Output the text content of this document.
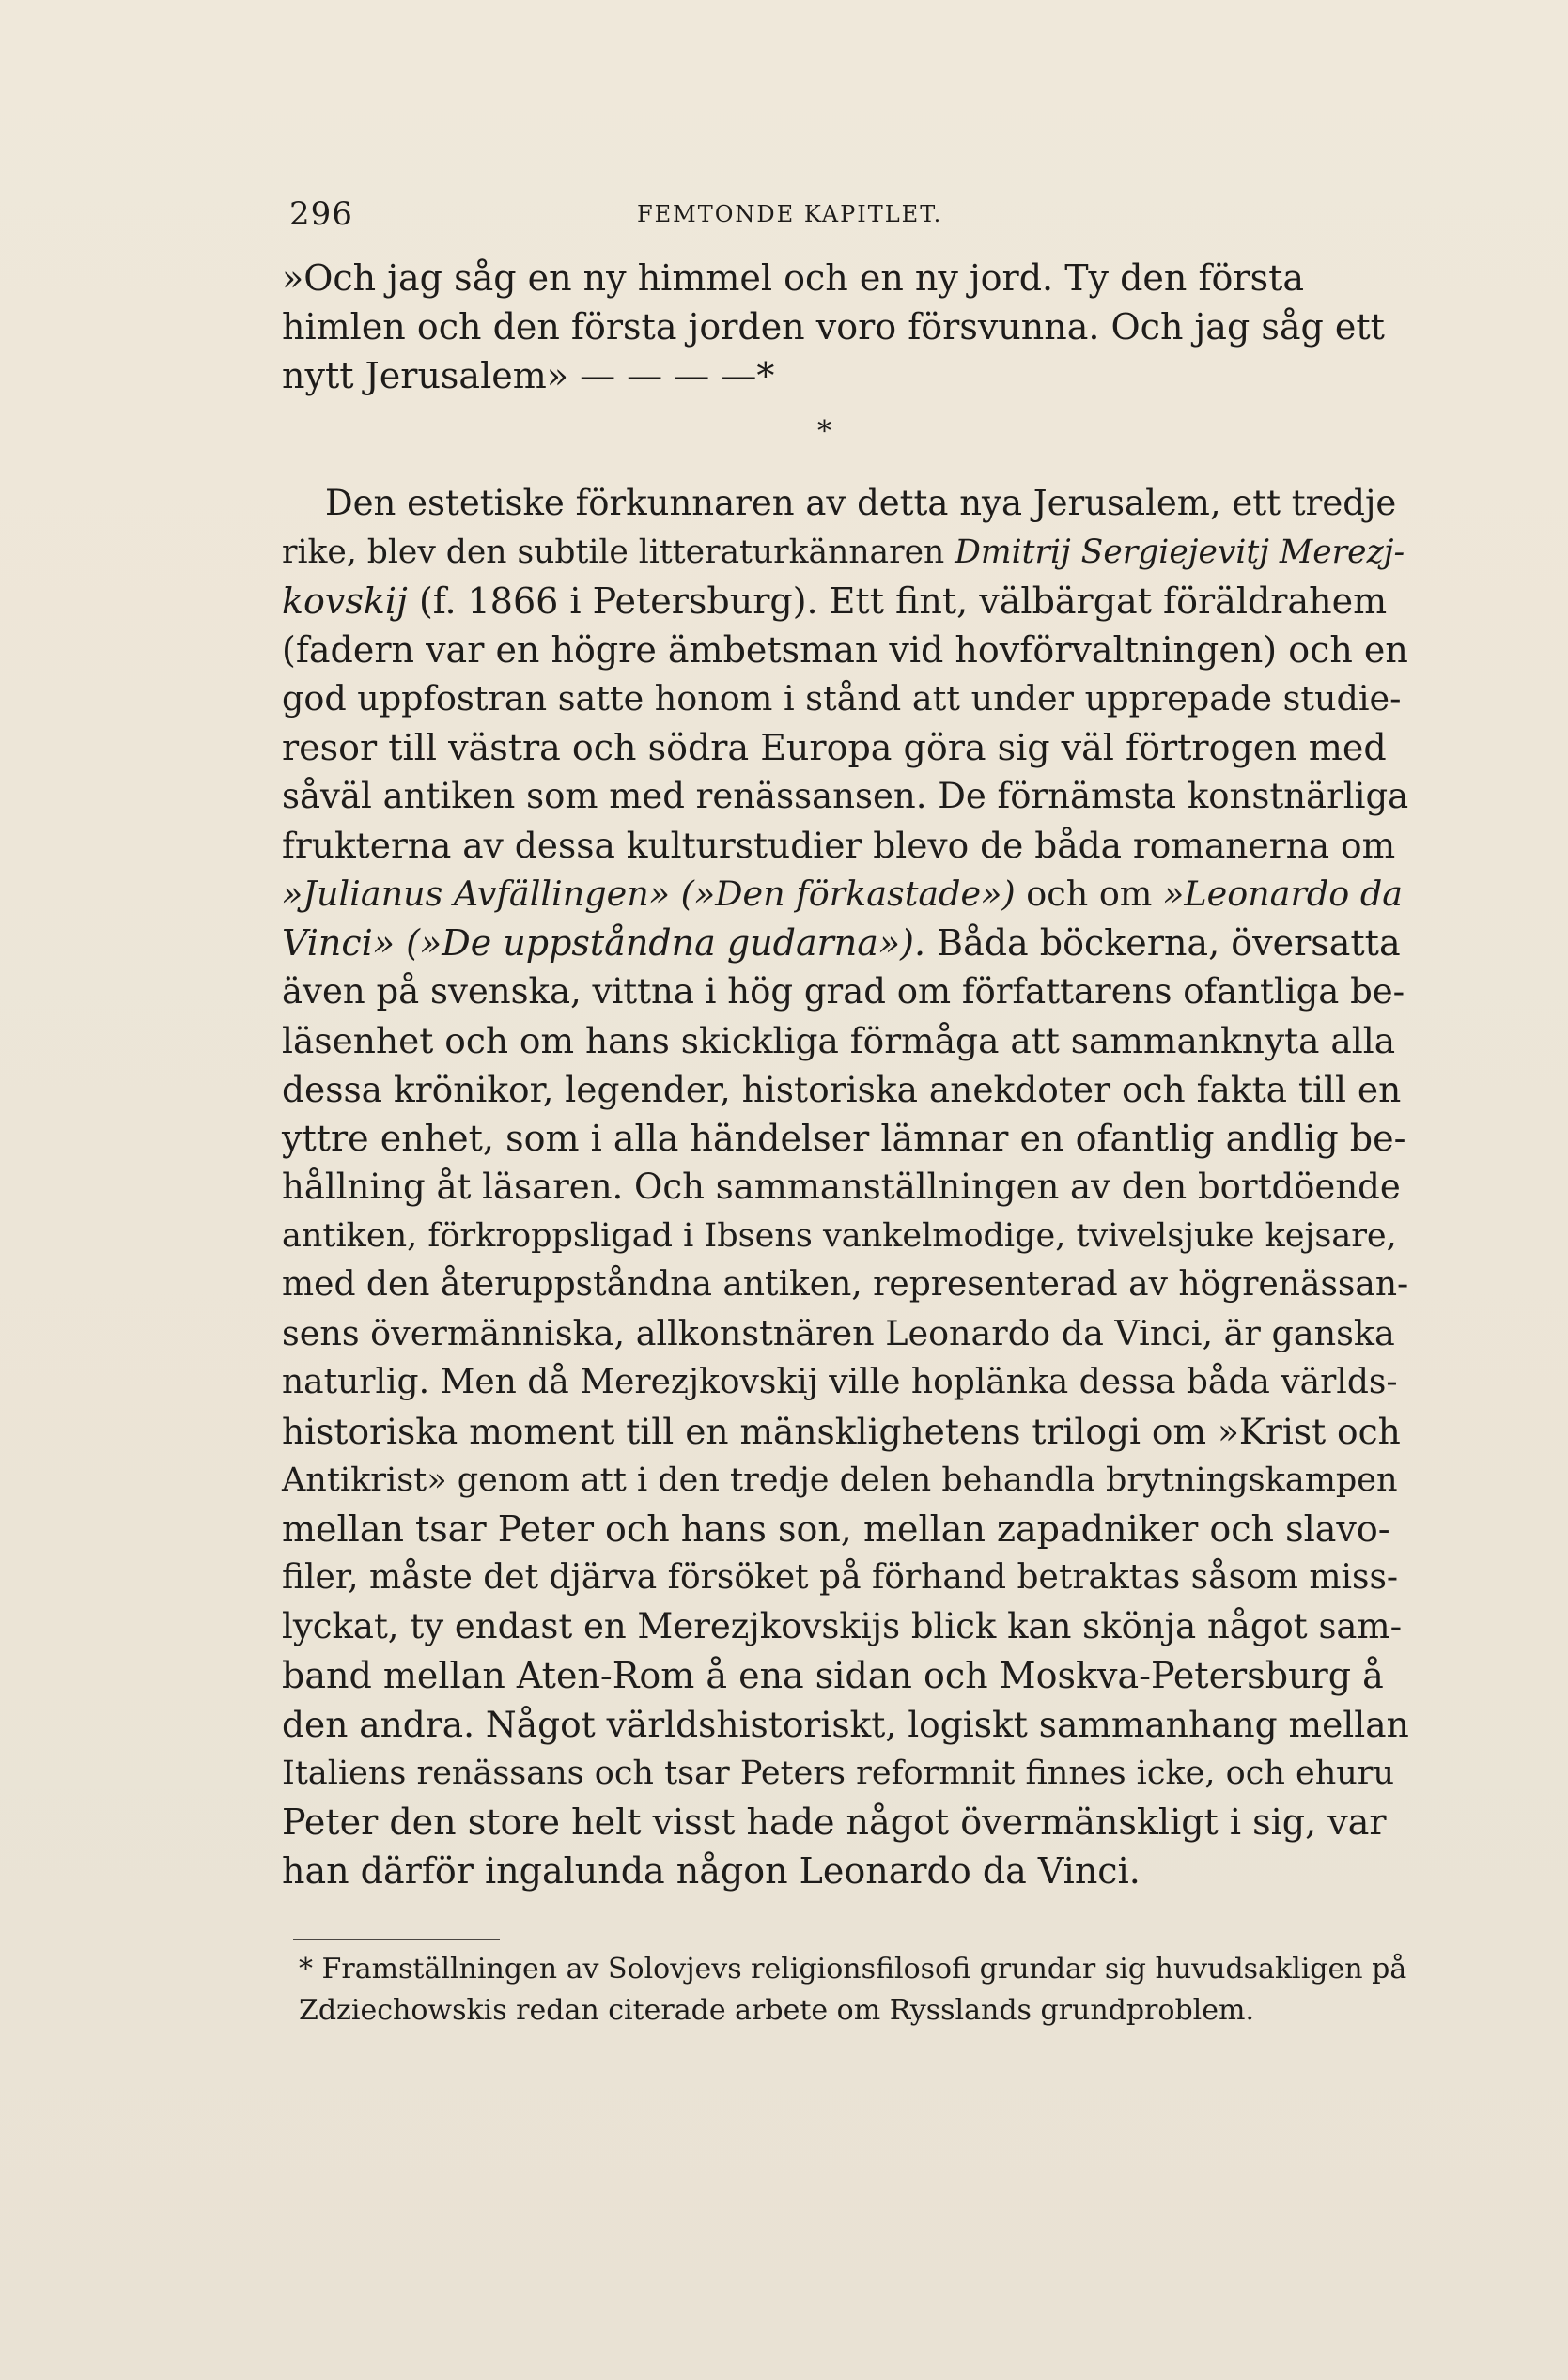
296	FEMTONDE KAPITLET.
»Och jag såg en ny himmel och en ny jord. Ty den första
himlen och den första jorden voro försvunna. Och jag såg ett
nytt Jerusalem» — — — —*
*
Den estetiske förkunnaren av detta nya Jerusalem, ett tredje
rike, blev den subtile litteraturkännaren Dmitrij Sergiejevitj Merezj-
kovskij (f. 1866 i Petersburg). Ett fint, välbärgat föräldrahem
(fadern var en högre ämbetsman vid hovförvaltningen) och en
god uppfostran satte honom i stånd att under upprepade studie-
resor till västra och södra Europa göra sig väl förtrogen med
såväl antiken som med renässansen. De förnämsta konstnärliga
frukterna av dessa kulturstudier blevo de båda romanerna om
»Julianus Avfällingen» (»Den förkastade») och om »Leonardo da
Vinci» (»De uppståndna gudarna»). Båda böckerna, översatta
även på svenska, vittna i hög grad om författarens ofantliga be-
läsenhet och om hans skickliga förmåga att sammanknyta alla
dessa krönikor, legender, historiska anekdoter och fakta till en
yttre enhet, som i alla händelser lämnar en ofantlig andlig be-
hållning åt läsaren. Och sammanställningen av den bortdöende
antiken, förkroppsligad i Ibsens vankelmodige, tvivelsjuke kejsare,
med den återuppståndna antiken, representerad av högrenässan-
sens övermänniska, allkonstnären Leonardo da Vinci, är ganska
naturlig. Men då Merezjkovskij ville hoplänka dessa båda världs-
historiska moment till en mänsklighetens trilogi om »Krist och
Antikrist» genom att i den tredje delen behandla brytningskampen
mellan tsar Peter och hans son, mellan zapadniker och slavo-
filer, måste det djärva försöket på förhand betraktas såsom miss-
lyckat, ty endast en Merezjkovskijs blick kan skönja något sam-
band mellan Aten-Rom å ena sidan och Moskva-Petersburg å
den andra. Något världshistoriskt, logiskt sammanhang mellan
Italiens renässans och tsar Peters reformnit finnes icke, och ehuru
Peter den store helt visst hade något övermänskligt i sig, var
han därför ingalunda någon Leonardo da Vinci.
* Framställningen av Solovjevs religionsfilosofi grundar sig huvudsakligen på
Zdziechowskis redan citerade arbete om Rysslands grundproblem.
